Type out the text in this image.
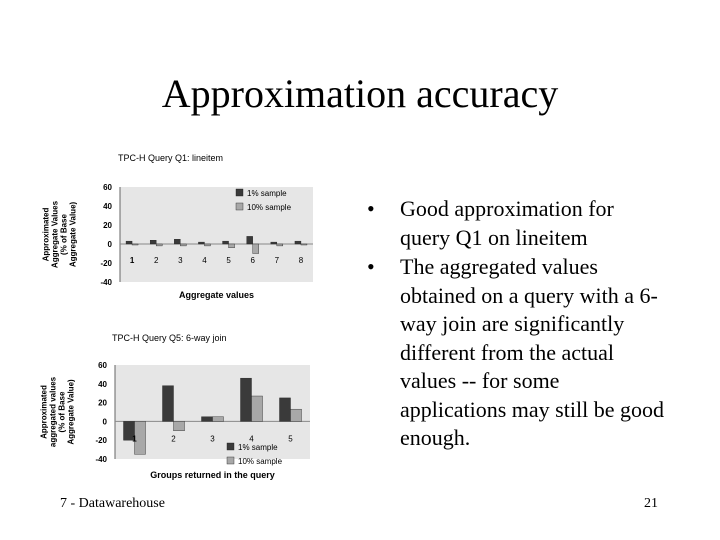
Approximation accuracy
TPC-H Query Q1: lineitem
60
40
20
0
-20
-40
ApproximatedAggregate Values(% of BaseAggregate Value)
Aggregate values
1 2 3 4 5 6 7 8
1% sample
10% sample
TPC-H Query Q5: 6-way join
60
40
20
0
-20
-40
Approximatedaggregated values(% of BaseAggregate Value)
Groups returned in the query
1	2	3	4	5
1% sample
10% sample
• Good approximation for query Q1 on lineitem
• The aggregated values obtained on a query with a 6-way join are significantly different from the actual values -- for some applications may still be good enough.
7 - Datawarehouse	21
